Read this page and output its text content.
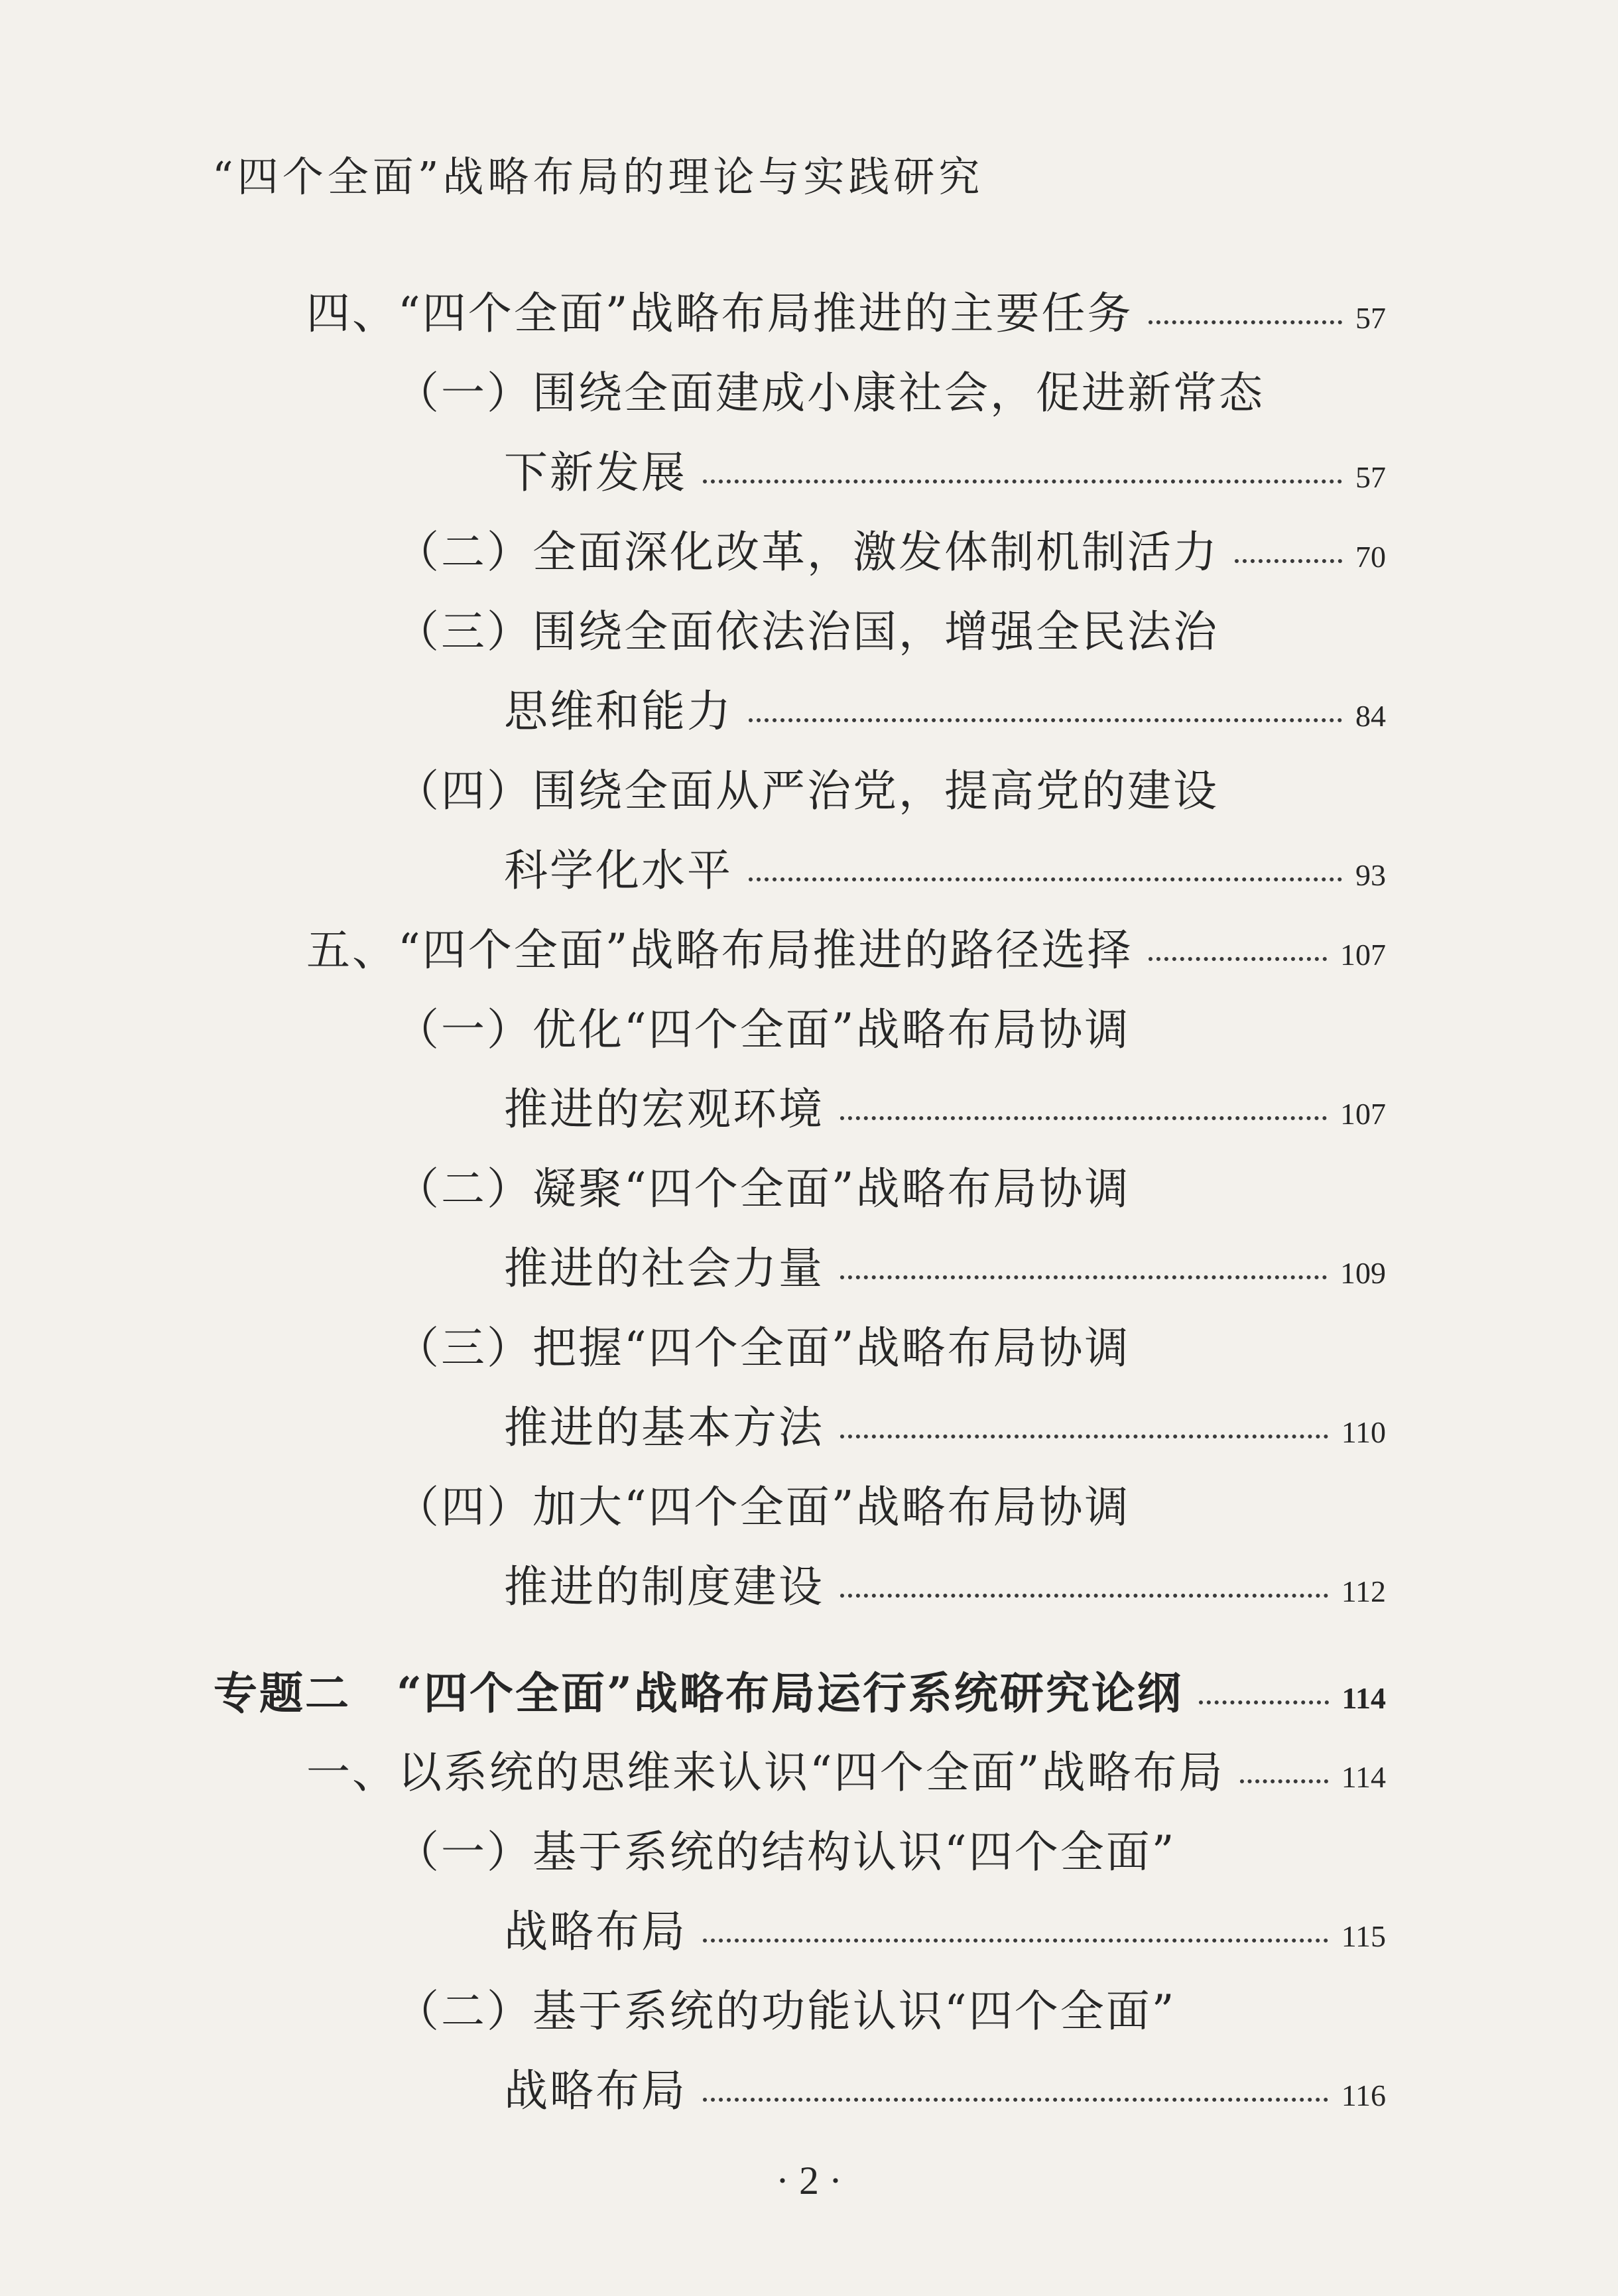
“四个全面”战略布局的理论与实践研究
四、“四个全面”战略布局推进的主要任务	57
（一）围绕全面建成小康社会，促进新常态
下新发展	57
（二）全面深化改革，激发体制机制活力	70
（三）围绕全面依法治国，增强全民法治
思维和能力	84
（四）围绕全面从严治党，提高党的建设
科学化水平	93
五、“四个全面”战略布局推进的路径选择	107
（一）优化“四个全面”战略布局协调
推进的宏观环境	107
（二）凝聚“四个全面”战略布局协调
推进的社会力量	109
（三）把握“四个全面”战略布局协调
推进的基本方法	110
（四）加大“四个全面”战略布局协调
推进的制度建设	112
专题二　“四个全面”战略布局运行系统研究论纲	114
一、以系统的思维来认识“四个全面”战略布局	114
（一）基于系统的结构认识“四个全面”
战略布局	115
（二）基于系统的功能认识“四个全面”
战略布局	116
· 2 ·
